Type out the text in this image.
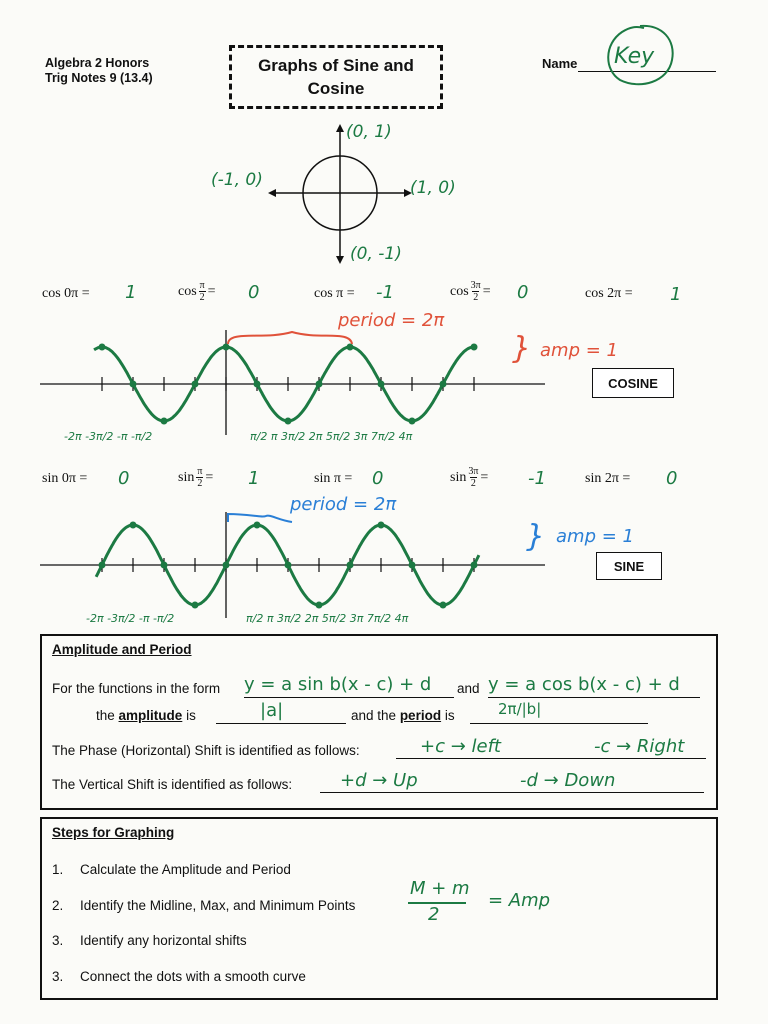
Algebra 2 Honors
Trig Notes 9 (13.4)
Graphs of Sine and
Cosine
Name Key
(0, 1)
(-1, 0)	(1, 0)
(0, -1)
cos 0π = 1	$\cos \frac{\pi}{2} = 0$	cos π = -1	$\cos \frac{3\pi}{2} = 0$	cos 2π = 1
period = 2π
} amp = 1
COSINE
-2π -3π/2 -π -π/2	π/2 π 3π/2 2π 5π/2 3π 7π/2 4π
sin 0π = 0	$\sin \frac{\pi}{2} = 1$	sin π = 0	$\sin \frac{3\pi}{2} = -1$	sin 2π = 0
period = 2π
} amp = 1
SINE
-2π -3π/2 -π -π/2	π/2 π 3π/2 2π 5π/2 3π 7π/2 4π
Amplitude and Period
For the functions in the form y = a sin b(x - c) + d and y = a cos b(x - c) + d
the amplitude is	|a|	and the period is	2π/|b|
The Phase (Horizontal) Shift is identified as follows:	+c → left	-c → Right
The Vertical Shift is identified as follows:	+d → Up	-d → Down
Steps for Graphing
1. Calculate the Amplitude and Period
2. Identify the Midline, Max, and Minimum Points
3. Identify any horizontal shifts
3. Connect the dots with a smooth curve
M + m
2
= Amp
